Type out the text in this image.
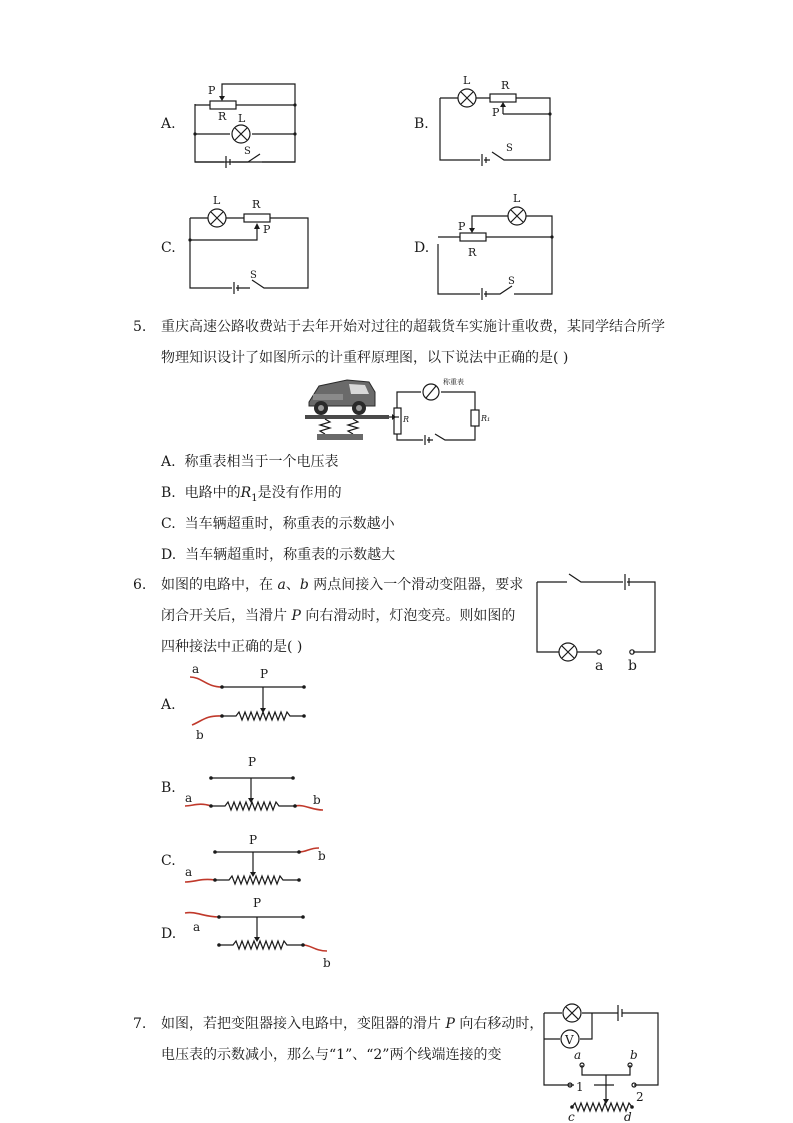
A.
P
R L
S
B.
L	R
P
S
C.
L	R
P
S
D.
L
P
R
S
5. 重庆高速公路收费站于去年开始对过往的超载货车实施计重收费，某同学结合所学
物理知识设计了如图所示的计重秤原理图，以下说法中正确的是( )
称重表
R	R₁
A. 称重表相当于一个电压表
B. 电路中的$R_1$是没有作用的
C. 当车辆超重时，称重表的示数越小
D. 当车辆超重时，称重表的示数越大
6. 如图的电路中，在 a、b 两点间接入一个滑动变阻器，要求
闭合开关后，当滑片 P 向右滑动时，灯泡变亮。则如图的
四种接法中正确的是( )
a b
A.
a
b
P
B.
a	b
P
C.
a
b
P
D. a
b
P
7. 如图，若把变阻器接入电路中，变阻器的滑片 P 向右移动时，
电压表的示数减小，那么与“1”、“2”两个线端连接的变
V
a	b
1
2
c	d
